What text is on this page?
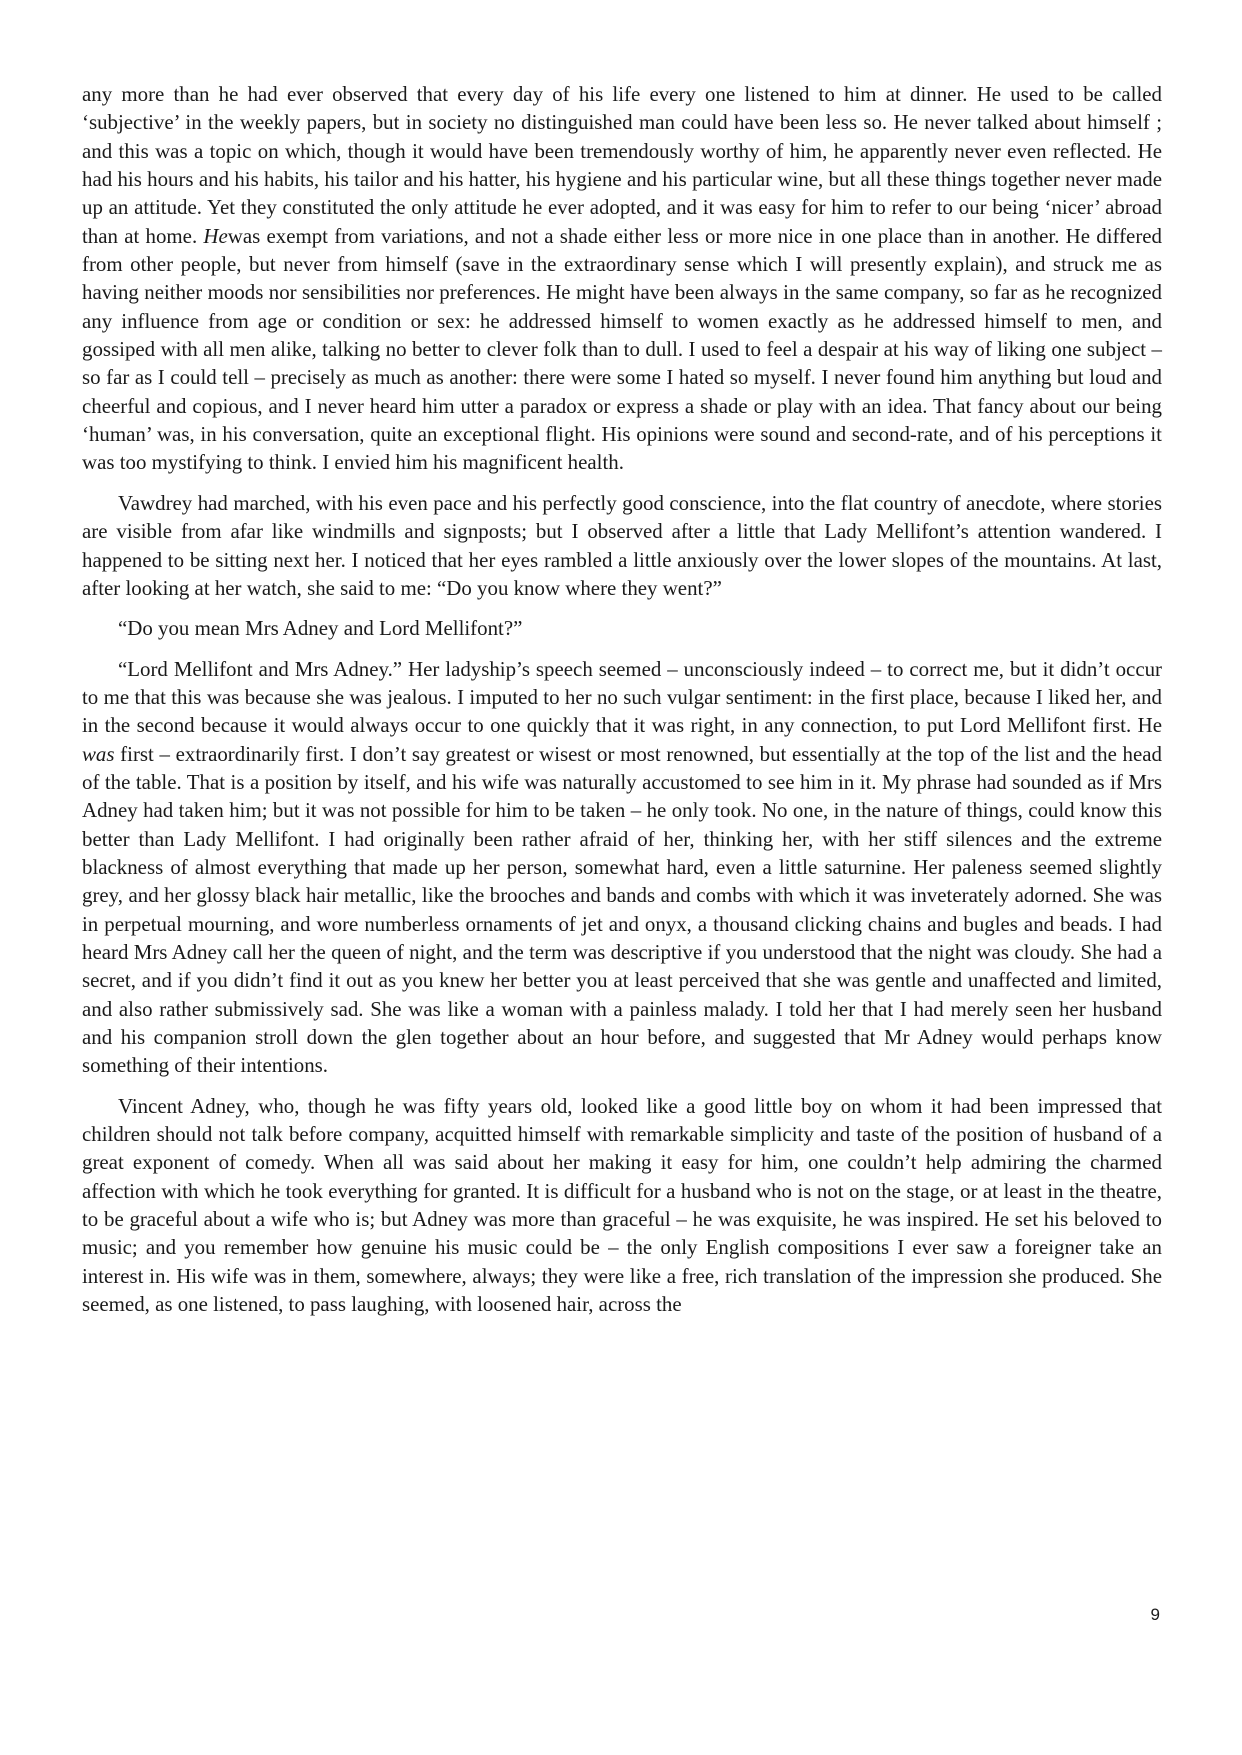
any more than he had ever observed that every day of his life every one listened to him at dinner. He used to be called ‘subjective’ in the weekly papers, but in society no distinguished man could have been less so. He never talked about himself ; and this was a topic on which, though it would have been tremendously worthy of him, he apparently never even reflected. He had his hours and his habits, his tailor and his hatter, his hygiene and his particular wine, but all these things together never made up an attitude. Yet they constituted the only attitude he ever adopted, and it was easy for him to refer to our being ‘nicer’ abroad than at home. Hewas exempt from variations, and not a shade either less or more nice in one place than in another. He differed from other people, but never from himself (save in the extraordinary sense which I will presently explain), and struck me as having neither moods nor sensibilities nor preferences. He might have been always in the same company, so far as he recognized any influence from age or condition or sex: he addressed himself to women exactly as he addressed himself to men, and gossiped with all men alike, talking no better to clever folk than to dull. I used to feel a despair at his way of liking one subject – so far as I could tell – precisely as much as another: there were some I hated so myself. I never found him anything but loud and cheerful and copious, and I never heard him utter a paradox or express a shade or play with an idea. That fancy about our being ‘human’ was, in his conversation, quite an exceptional flight. His opinions were sound and second-rate, and of his perceptions it was too mystifying to think. I envied him his magnificent health.

Vawdrey had marched, with his even pace and his perfectly good conscience, into the flat country of anecdote, where stories are visible from afar like windmills and signposts; but I observed after a little that Lady Mellifont’s attention wandered. I happened to be sitting next her. I noticed that her eyes rambled a little anxiously over the lower slopes of the mountains. At last, after looking at her watch, she said to me: “Do you know where they went?”

“Do you mean Mrs Adney and Lord Mellifont?”

“Lord Mellifont and Mrs Adney.” Her ladyship’s speech seemed – unconsciously indeed – to correct me, but it didn’t occur to me that this was because she was jealous. I imputed to her no such vulgar sentiment: in the first place, because I liked her, and in the second because it would always occur to one quickly that it was right, in any connection, to put Lord Mellifont first. He was first – extraordinarily first. I don’t say greatest or wisest or most renowned, but essentially at the top of the list and the head of the table. That is a position by itself, and his wife was naturally accustomed to see him in it. My phrase had sounded as if Mrs Adney had taken him; but it was not possible for him to be taken – he only took. No one, in the nature of things, could know this better than Lady Mellifont. I had originally been rather afraid of her, thinking her, with her stiff silences and the extreme blackness of almost everything that made up her person, somewhat hard, even a little saturnine. Her paleness seemed slightly grey, and her glossy black hair metallic, like the brooches and bands and combs with which it was inveterately adorned. She was in perpetual mourning, and wore numberless ornaments of jet and onyx, a thousand clicking chains and bugles and beads. I had heard Mrs Adney call her the queen of night, and the term was descriptive if you understood that the night was cloudy. She had a secret, and if you didn’t find it out as you knew her better you at least perceived that she was gentle and unaffected and limited, and also rather submissively sad. She was like a woman with a painless malady. I told her that I had merely seen her husband and his companion stroll down the glen together about an hour before, and suggested that Mr Adney would perhaps know something of their intentions.

Vincent Adney, who, though he was fifty years old, looked like a good little boy on whom it had been impressed that children should not talk before company, acquitted himself with remarkable simplicity and taste of the position of husband of a great exponent of comedy. When all was said about her making it easy for him, one couldn’t help admiring the charmed affection with which he took everything for granted. It is difficult for a husband who is not on the stage, or at least in the theatre, to be graceful about a wife who is; but Adney was more than graceful – he was exquisite, he was inspired. He set his beloved to music; and you remember how genuine his music could be – the only English compositions I ever saw a foreigner take an interest in. His wife was in them, somewhere, always; they were like a free, rich translation of the impression she produced. She seemed, as one listened, to pass laughing, with loosened hair, across the

9
